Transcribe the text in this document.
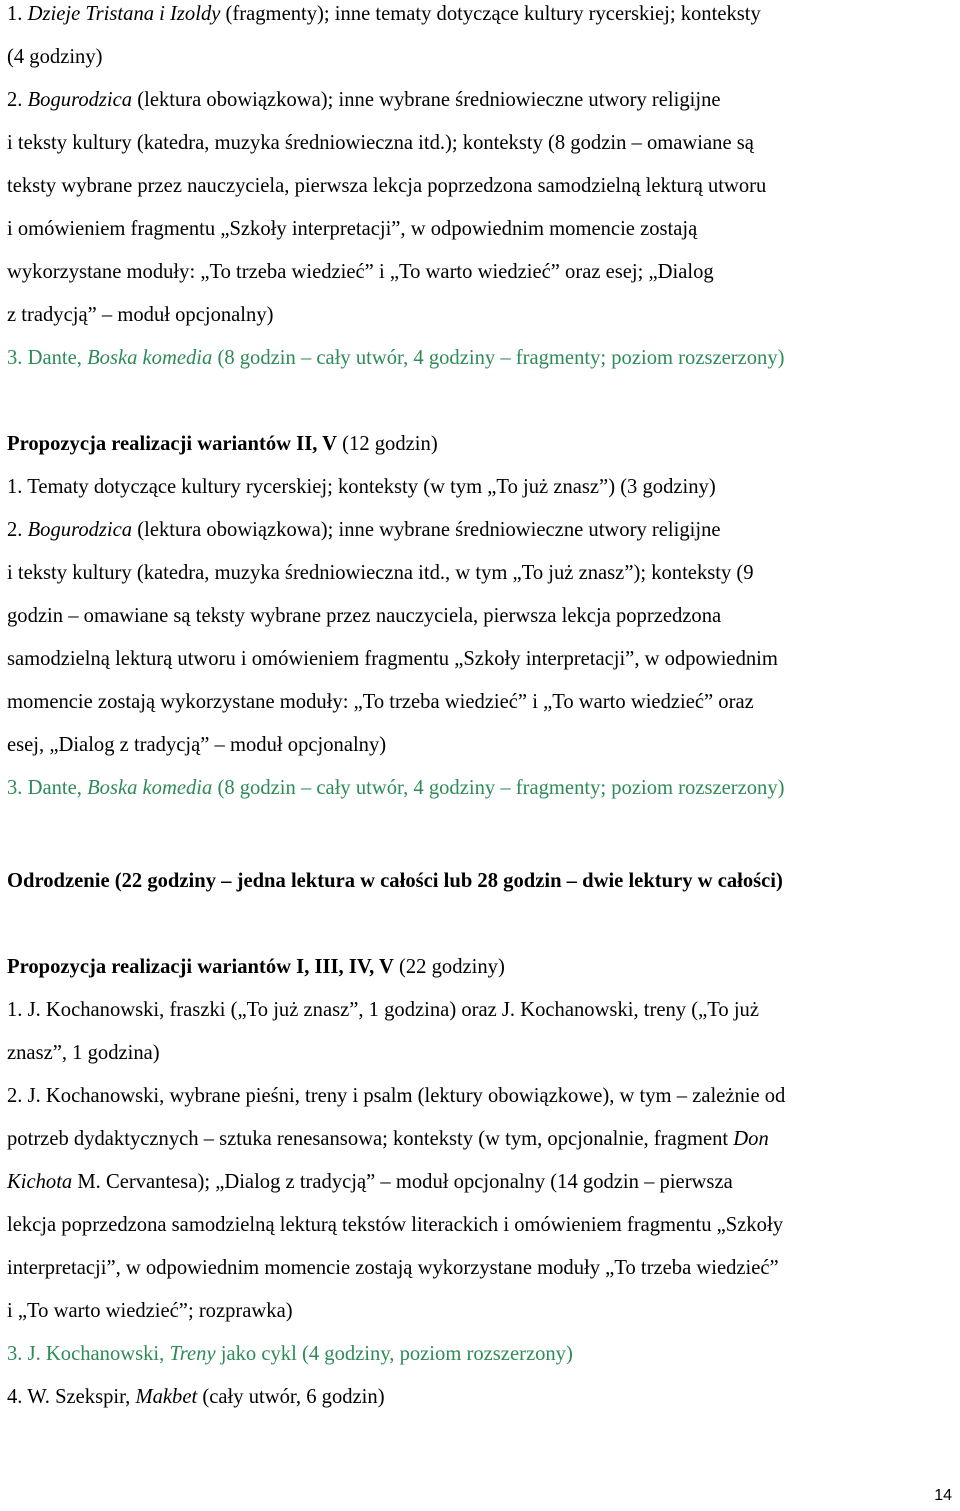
1. Dzieje Tristana i Izoldy (fragmenty); inne tematy dotyczące kultury rycerskiej; konteksty
(4 godziny)
2. Bogurodzica (lektura obowiązkowa); inne wybrane średniowieczne utwory religijne
i teksty kultury (katedra, muzyka średniowieczna itd.); konteksty (8 godzin – omawiane są
teksty wybrane przez nauczyciela, pierwsza lekcja poprzedzona samodzielną lekturą utworu
i omówieniem fragmentu „Szkoły interpretacji”, w odpowiednim momencie zostają
wykorzystane moduły: „To trzeba wiedzieć” i „To warto wiedzieć” oraz esej; „Dialog
z tradycją” – moduł opcjonalny)
3. Dante, Boska komedia (8 godzin – cały utwór, 4 godziny – fragmenty; poziom rozszerzony)
Propozycja realizacji wariantów II, V (12 godzin)
1. Tematy dotyczące kultury rycerskiej; konteksty (w tym „To już znasz”) (3 godziny)
2. Bogurodzica (lektura obowiązkowa); inne wybrane średniowieczne utwory religijne
i teksty kultury (katedra, muzyka średniowieczna itd., w tym „To już znasz”); konteksty (9
godzin – omawiane są teksty wybrane przez nauczyciela, pierwsza lekcja poprzedzona
samodzielną lekturą utworu i omówieniem fragmentu „Szkoły interpretacji”, w odpowiednim
momencie zostają wykorzystane moduły: „To trzeba wiedzieć” i „To warto wiedzieć” oraz
esej, „Dialog z tradycją” – moduł opcjonalny)
3. Dante, Boska komedia (8 godzin – cały utwór, 4 godziny – fragmenty; poziom rozszerzony)
Odrodzenie (22 godziny – jedna lektura w całości lub 28 godzin – dwie lektury w całości)
Propozycja realizacji wariantów I, III, IV, V (22 godziny)
1. J. Kochanowski, fraszki („To już znasz”, 1 godzina) oraz J. Kochanowski, treny („To już
znasz”, 1 godzina)
2. J. Kochanowski, wybrane pieśni, treny i psalm (lektury obowiązkowe), w tym – zależnie od
potrzeb dydaktycznych – sztuka renesansowa; konteksty (w tym, opcjonalnie, fragment Don
Kichota M. Cervantesa); „Dialog z tradycją” – moduł opcjonalny (14 godzin – pierwsza
lekcja poprzedzona samodzielną lekturą tekstów literackich i omówieniem fragmentu „Szkoły
interpretacji”, w odpowiednim momencie zostają wykorzystane moduły „To trzeba wiedzieć”
i „To warto wiedzieć”; rozprawka)
3. J. Kochanowski, Treny jako cykl (4 godziny, poziom rozszerzony)
4. W. Szekspir, Makbet (cały utwór, 6 godzin)
14
